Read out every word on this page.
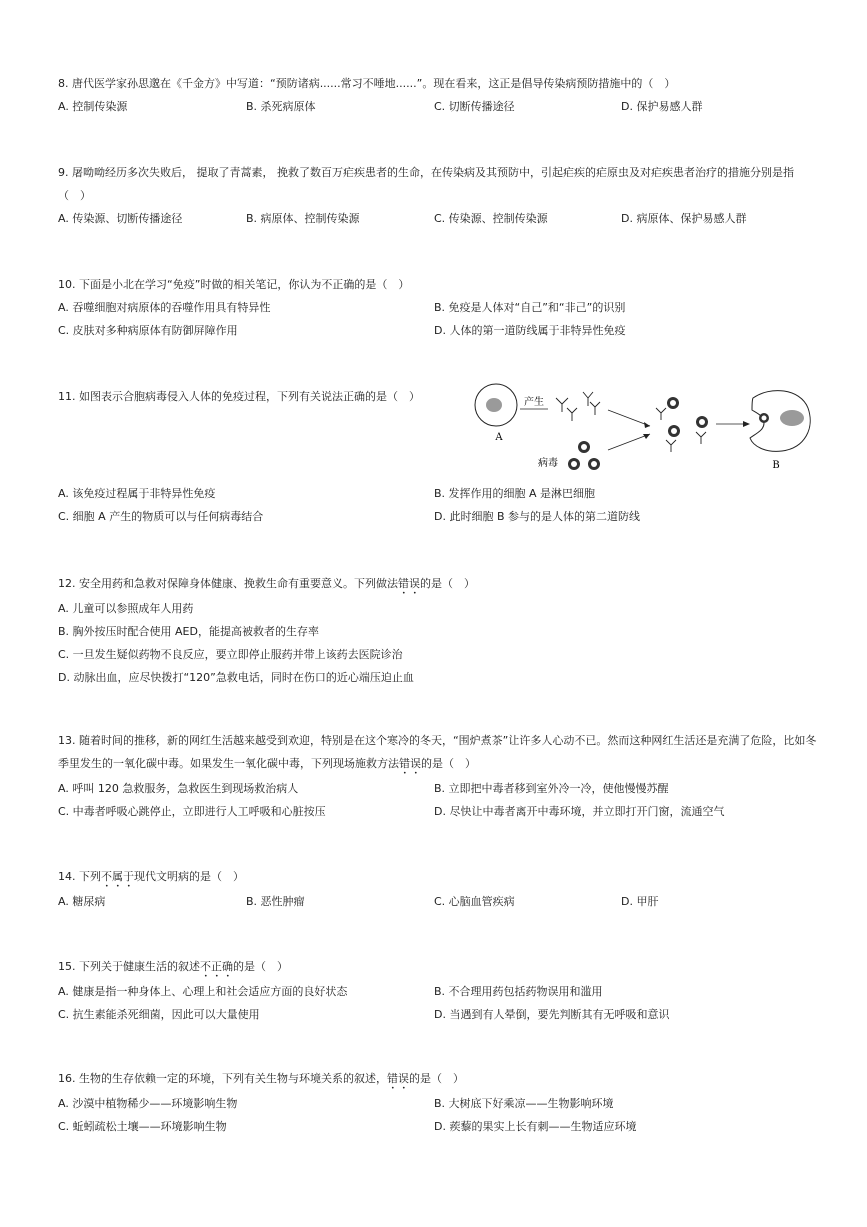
8. 唐代医学家孙思邈在《千金方》中写道：“预防诸病......常习不唾地......”。现在看来，这正是倡导传染病预防措施中的（　）
A. 控制传染源	B. 杀死病原体	C. 切断传播途径	D. 保护易感人群
9. 屠呦呦经历多次失败后， 提取了青蒿素， 挽救了数百万疟疾患者的生命，在传染病及其预防中，引起疟疾的疟原虫及对疟疾患者治疗的措施分别是指（　）
A. 传染源、切断传播途径	B. 病原体、控制传染源	C. 传染源、控制传染源	D. 病原体、保护易感人群
10. 下面是小北在学习“免疫”时做的相关笔记，你认为不正确的是（　）
A. 吞噬细胞对病原体的吞噬作用具有特异性	B. 免疫是人体对“自己”和“非己”的识别
C. 皮肤对多种病原体有防御屏障作用	D. 人体的第一道防线属于非特异性免疫
11. 如图表示合胞病毒侵入人体的免疫过程，下列有关说法正确的是（　）
A
产生
病毒	B
A. 该免疫过程属于非特异性免疫	B. 发挥作用的细胞 A 是淋巴细胞
C. 细胞 A 产生的物质可以与任何病毒结合	D. 此时细胞 B 参与的是人体的第二道防线
12. 安全用药和急救对保障身体健康、挽救生命有重要意义。下列做法错误的是（　）
A. 儿童可以参照成年人用药
B. 胸外按压时配合使用 AED，能提高被救者的生存率
C. 一旦发生疑似药物不良反应，要立即停止服药并带上该药去医院诊治
D. 动脉出血，应尽快拨打“120”急救电话，同时在伤口的近心端压迫止血
13. 随着时间的推移，新的网红生活越来越受到欢迎，特别是在这个寒冷的冬天，“围炉煮茶”让许多人心动不已。然而这种网红生活还是充满了危险，比如冬季里发生的一氧化碳中毒。如果发生一氧化碳中毒，下列现场施救方法错误的是（　）
A. 呼叫 120 急救服务，急救医生到现场救治病人	B. 立即把中毒者移到室外冷一冷，使他慢慢苏醒
C. 中毒者呼吸心跳停止，立即进行人工呼吸和心脏按压	D. 尽快让中毒者离开中毒环境，并立即打开门窗，流通空气
14. 下列不属于现代文明病的是（　）
A. 糖尿病	B. 恶性肿瘤	C. 心脑血管疾病	D. 甲肝
15. 下列关于健康生活的叙述不正确的是（　）
A. 健康是指一种身体上、心理上和社会适应方面的良好状态	B. 不合理用药包括药物误用和滥用
C. 抗生素能杀死细菌，因此可以大量使用	D. 当遇到有人晕倒，要先判断其有无呼吸和意识
16. 生物的生存依赖一定的环境，下列有关生物与环境关系的叙述，错误的是（　）
A. 沙漠中植物稀少——环境影响生物	B. 大树底下好乘凉——生物影响环境
C. 蚯蚓疏松土壤——环境影响生物	D. 蒺藜的果实上长有刺——生物适应环境
